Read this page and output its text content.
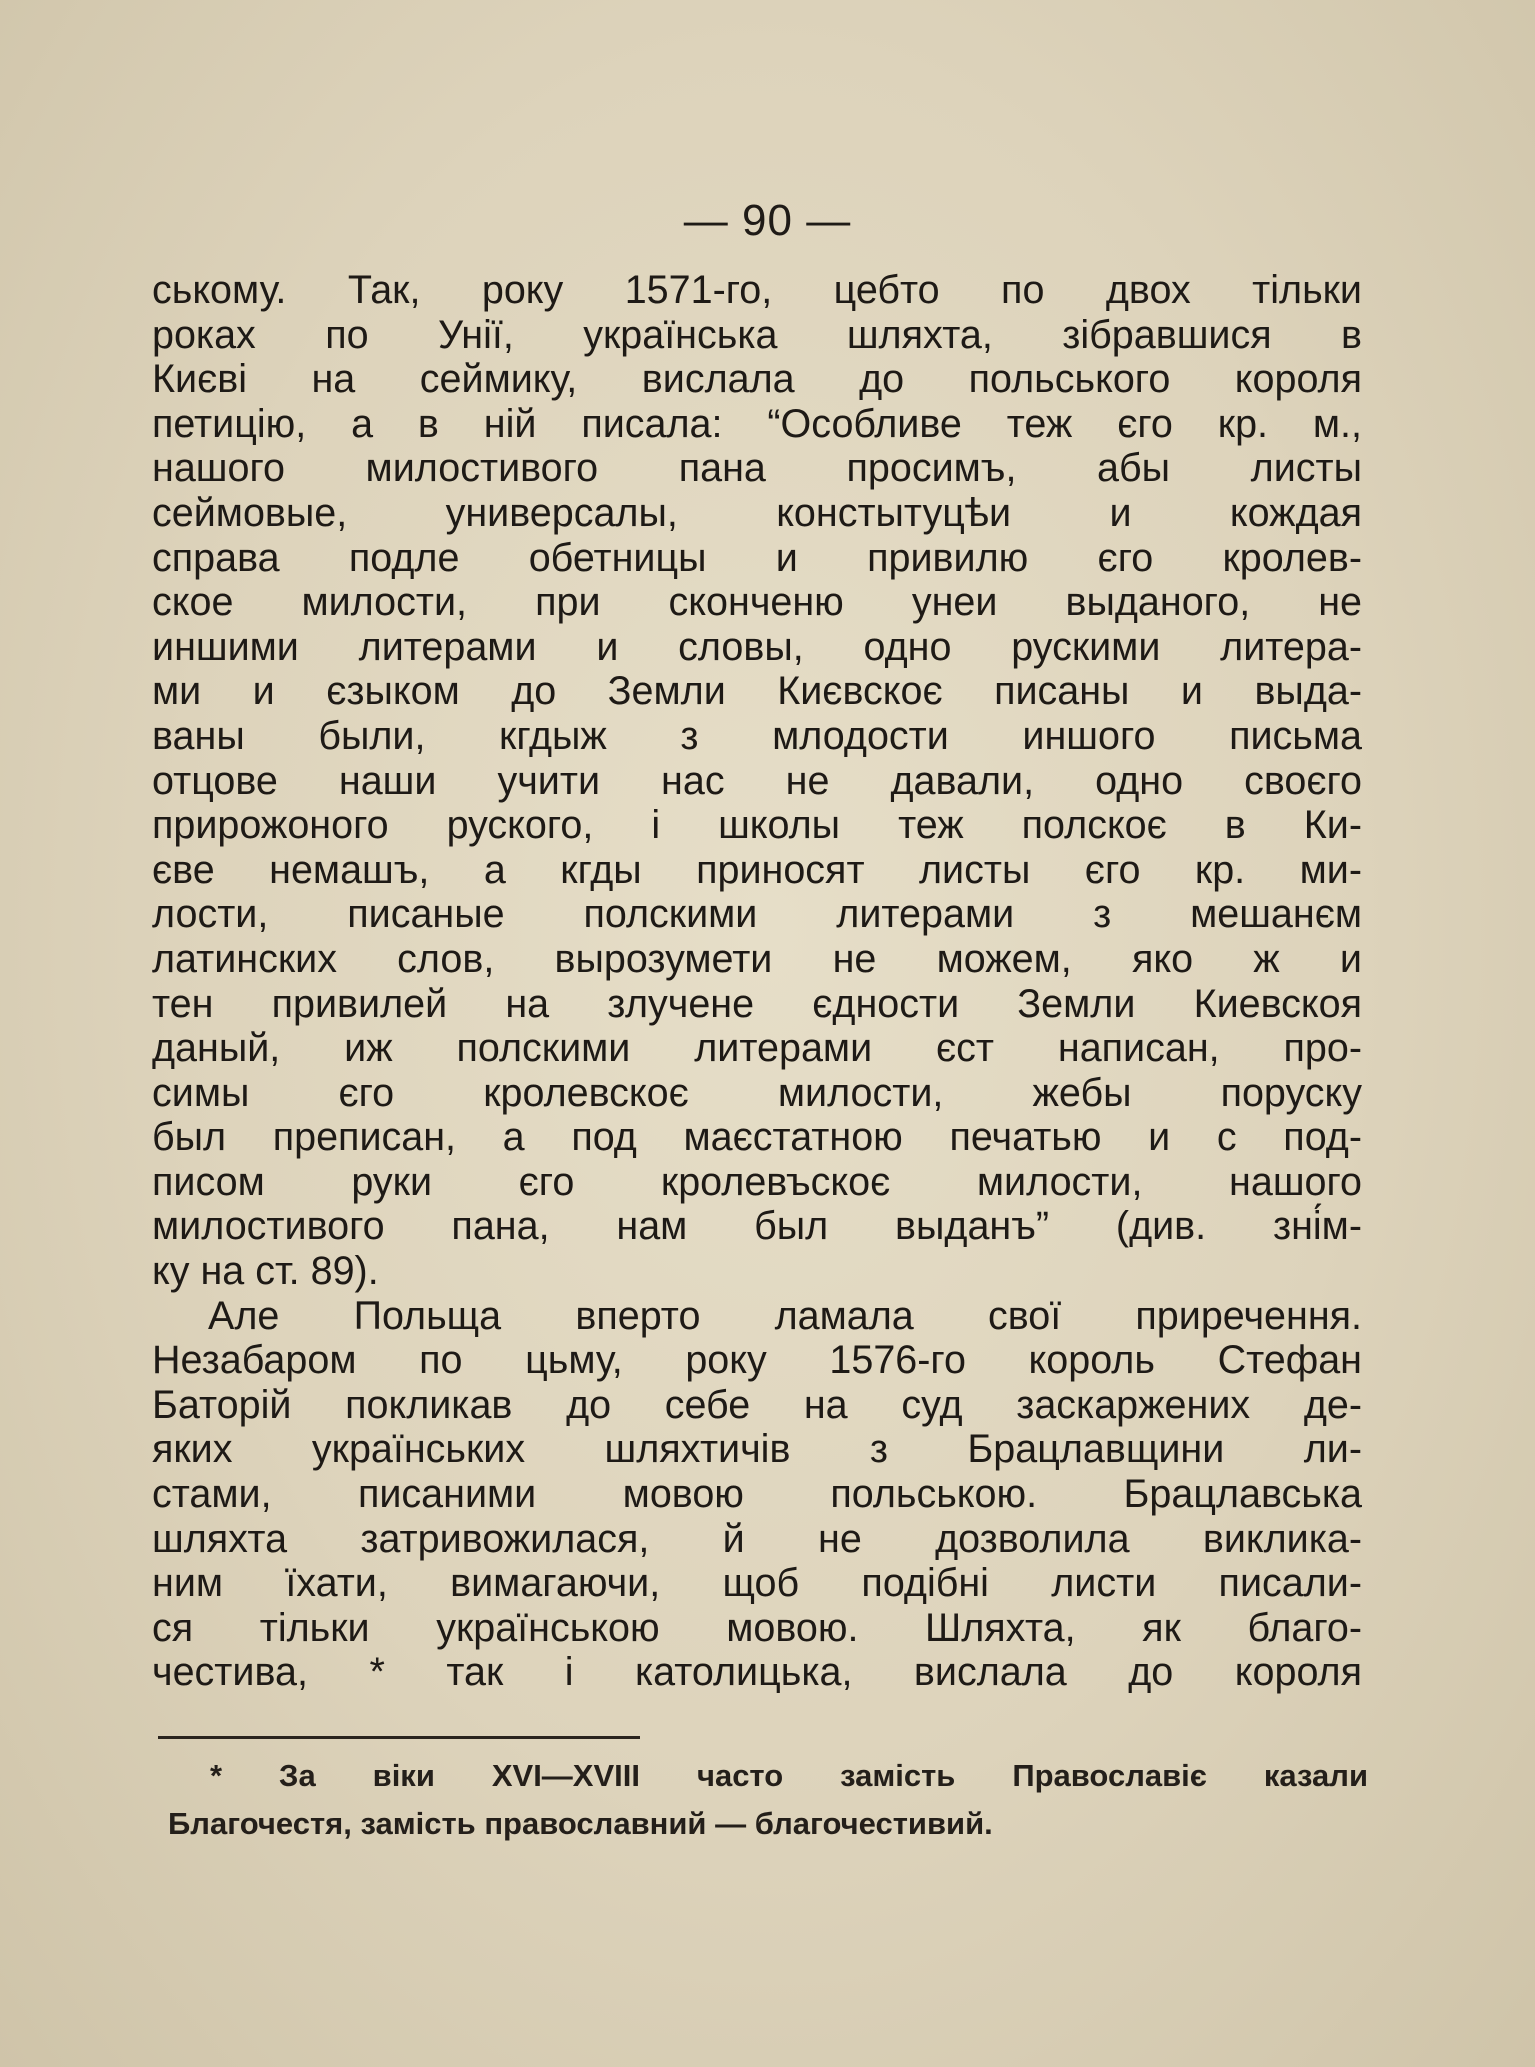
— 90 —
ському. Так, року 1571-го, цебто по двох тільки
роках по Унії, українська шляхта, зібравшися в
Києві на сеймику, вислала до польського короля
петицію, а в ній писала: “Особливе теж єго кр. м.,
нашого милостивого пана просимъ, абы листы
сеймовые, универсалы, констытуцѣи и кождая
справа подле обетницы и привилю єго кролев-
ское милости, при сконченю унеи выданого, не
иншими литерами и словы, одно рускими литера-
ми и єзыком до Земли Києвскоє писаны и выда-
ваны были, кгдыж з млодости иншого письма
отцове наши учити нас не давали, одно своєго
прирожоного руского, і школы теж полскоє в Ки-
єве немашъ, а кгды приносят листы єго кр. ми-
лости, писаные полскими литерами з мешанєм
латинских слов, вырозумети не можем, яко ж и
тен привилей на злучене єдности Земли Киевскоя
даный, иж полскими литерами єст написан, про-
симы єго кролевскоє милости, жебы поруску
был преписан, а под маєстатною печатью и с под-
писом руки єго кролевъскоє милости, нашого
милостивого пана, нам был выданъ” (див. зні́м-
ку на ст. 89).
Але Польща вперто ламала свої приречення.
Незабаром по цьму, року 1576-го король Стефан
Баторій покликав до себе на суд заскаржених де-
яких українських шляхтичів з Брацлавщини ли-
стами, писаними мовою польською. Брацлавська
шляхта затривожилася, й не дозволила виклика-
ним їхати, вимагаючи, щоб подібні листи писали-
ся тільки українською мовою. Шляхта, як благо-
честива, * так і католицька, вислала до короля
* За віки XVI—XVIII часто замість Православіє казали
Благочестя, замість православний — благочестивий.
